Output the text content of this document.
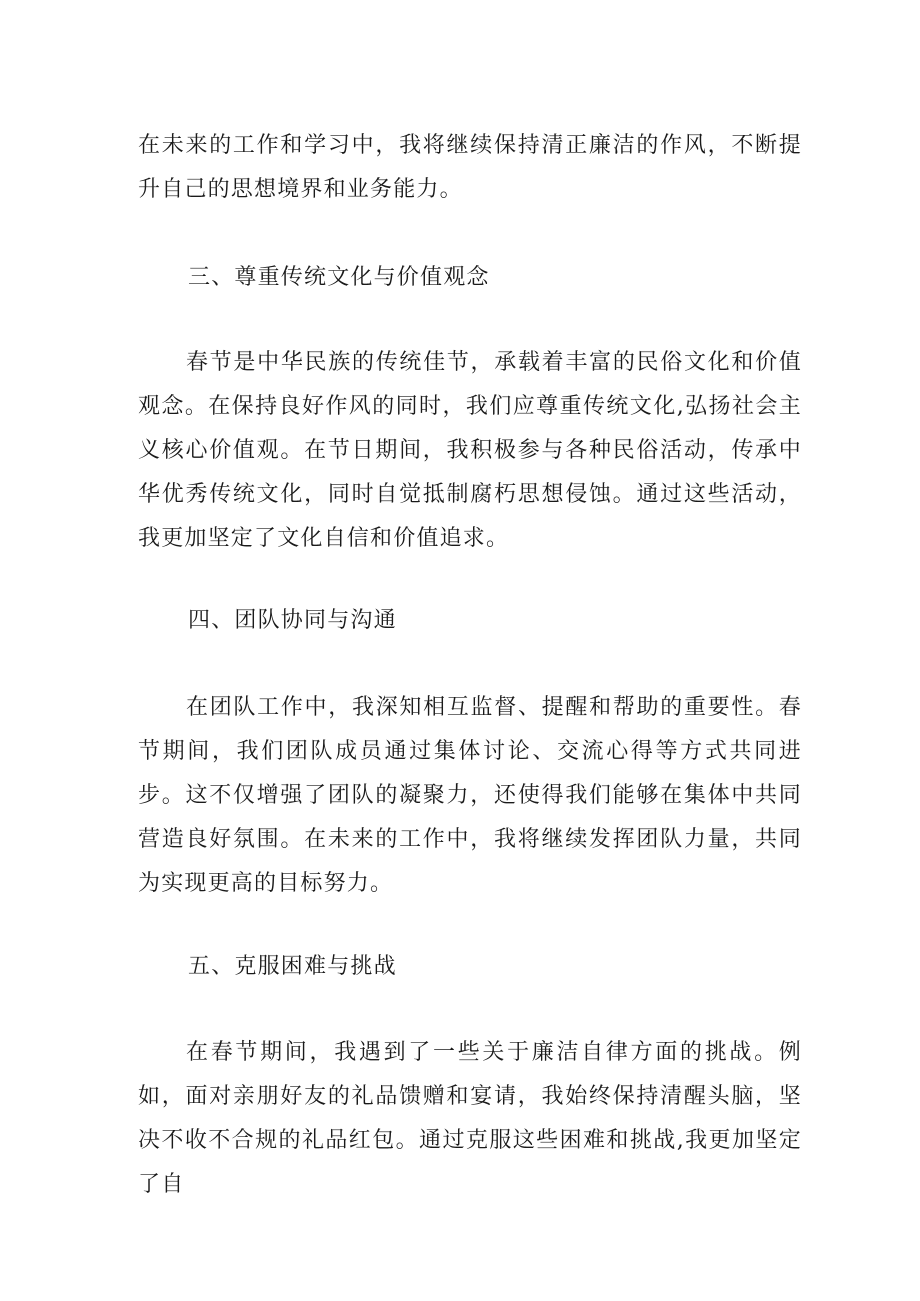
在未来的工作和学习中，我将继续保持清正廉洁的作风，不断提升自己的思想境界和业务能力。

三、尊重传统文化与价值观念

春节是中华民族的传统佳节，承载着丰富的民俗文化和价值观念。在保持良好作风的同时，我们应尊重传统文化,弘扬社会主义核心价值观。在节日期间，我积极参与各种民俗活动，传承中华优秀传统文化，同时自觉抵制腐朽思想侵蚀。通过这些活动，我更加坚定了文化自信和价值追求。

四、团队协同与沟通

在团队工作中，我深知相互监督、提醒和帮助的重要性。春节期间，我们团队成员通过集体讨论、交流心得等方式共同进步。这不仅增强了团队的凝聚力，还使得我们能够在集体中共同营造良好氛围。在未来的工作中，我将继续发挥团队力量，共同为实现更高的目标努力。

五、克服困难与挑战

在春节期间，我遇到了一些关于廉洁自律方面的挑战。例如，面对亲朋好友的礼品馈赠和宴请，我始终保持清醒头脑，坚决不收不合规的礼品红包。通过克服这些困难和挑战,我更加坚定了自
